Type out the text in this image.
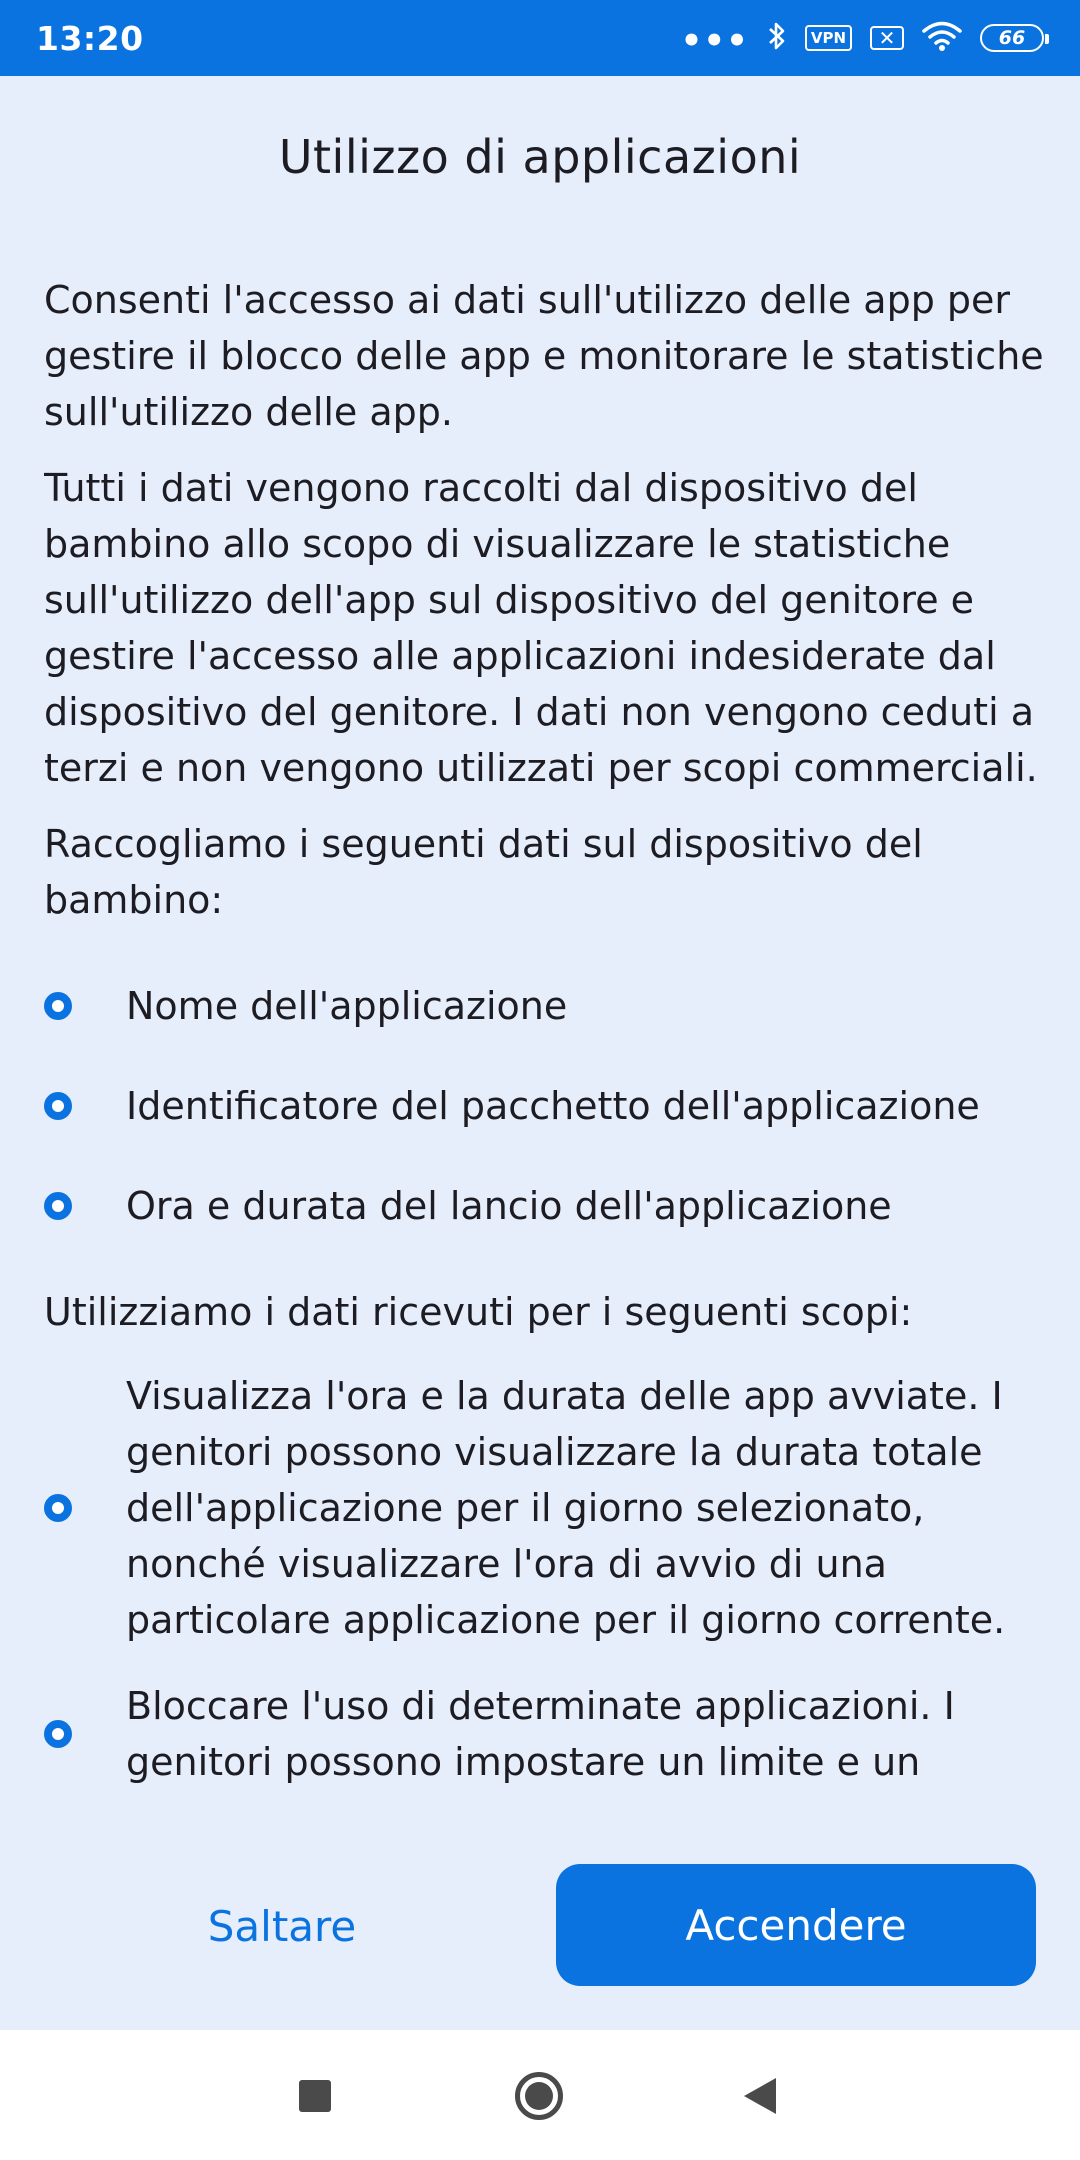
13:20	•••	VPN	✕	66
Utilizzo di applicazioni

Consenti l'accesso ai dati sull'utilizzo delle app per gestire il blocco delle app e monitorare le statistiche sull'utilizzo delle app.

Tutti i dati vengono raccolti dal dispositivo del bambino allo scopo di visualizzare le statistiche sull'utilizzo dell'app sul dispositivo del genitore e gestire l'accesso alle applicazioni indesiderate dal dispositivo del genitore. I dati non vengono ceduti a terzi e non vengono utilizzati per scopi commerciali.

Raccogliamo i seguenti dati sul dispositivo del bambino:

Nome dell'applicazione
Identificatore del pacchetto dell'applicazione
Ora e durata del lancio dell'applicazione

Utilizziamo i dati ricevuti per i seguenti scopi:

Visualizza l'ora e la durata delle app avviate. I genitori possono visualizzare la durata totale dell'applicazione per il giorno selezionato, nonché visualizzare l'ora di avvio di una particolare applicazione per il giorno corrente.
Bloccare l'uso di determinate applicazioni. I genitori possono impostare un limite e un
Saltare	Accendere
